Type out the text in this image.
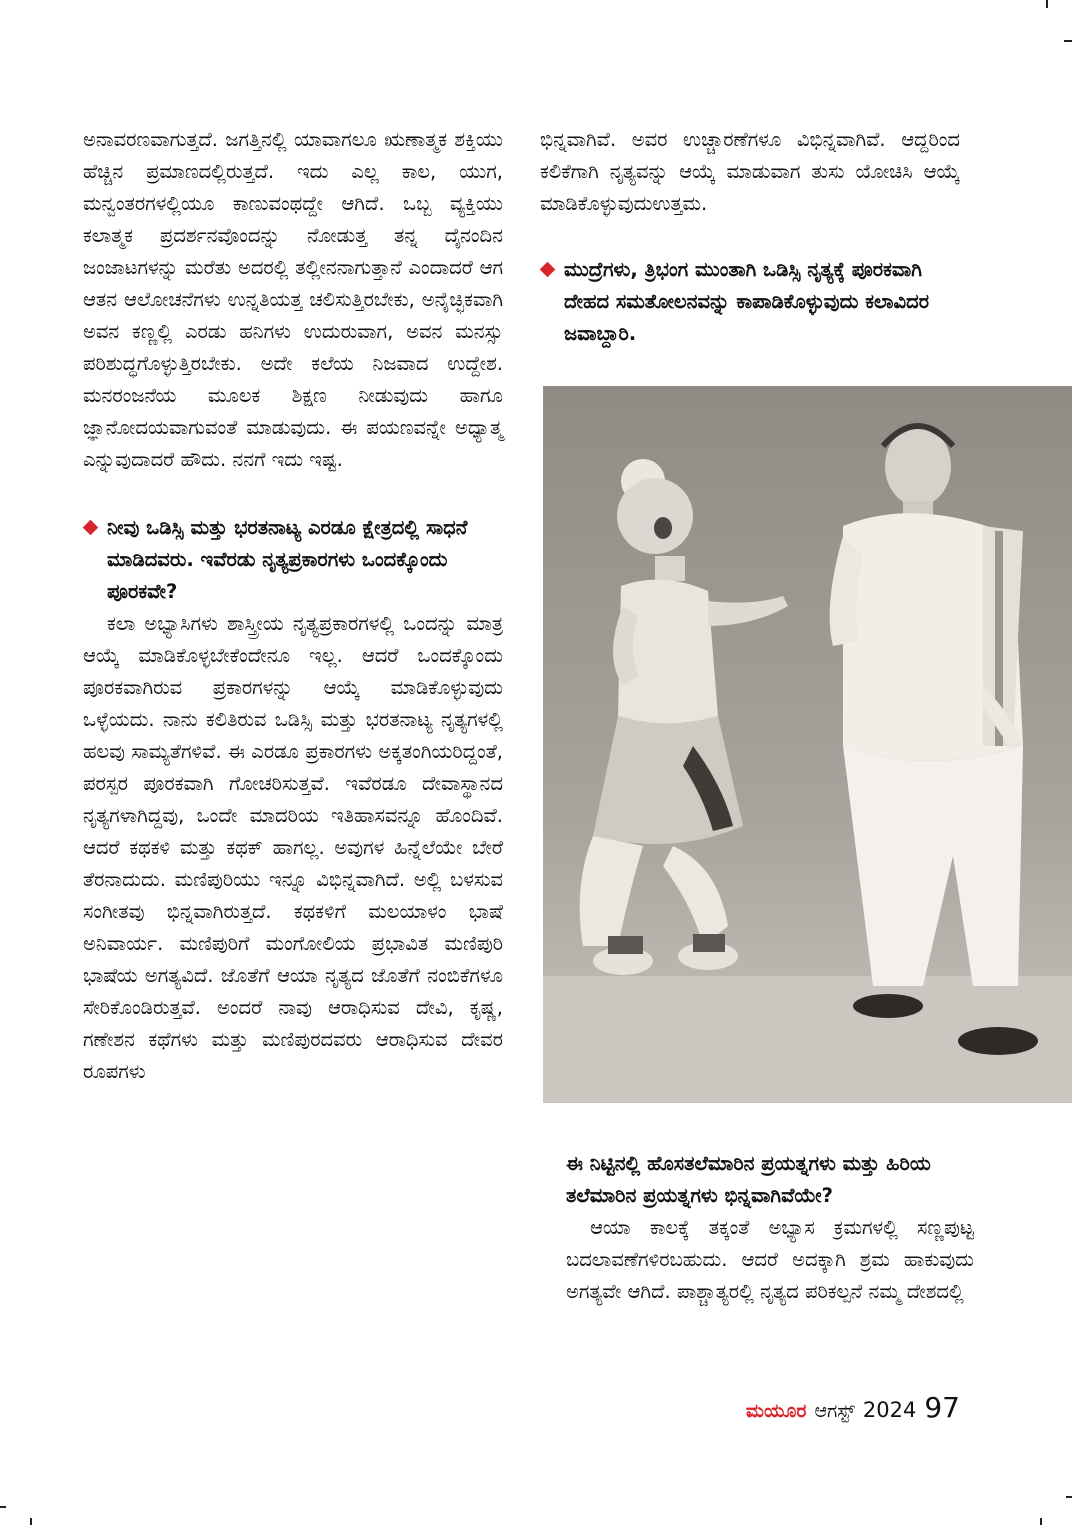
ಅನಾವರಣವಾಗುತ್ತದೆ. ಜಗತ್ತಿನಲ್ಲಿ ಯಾವಾಗಲೂ ಋಣಾತ್ಮಕ ಶಕ್ತಿಯು ಹೆಚ್ಚಿನ ಪ್ರಮಾಣದಲ್ಲಿರುತ್ತದೆ. ಇದು ಎಲ್ಲ ಕಾಲ, ಯುಗ, ಮನ್ವಂತರಗಳಲ್ಲಿಯೂ ಕಾಣುವಂಥದ್ದೇ ಆಗಿದೆ. ಒಬ್ಬ ವ್ಯಕ್ತಿಯು ಕಲಾತ್ಮಕ ಪ್ರದರ್ಶನವೊಂದನ್ನು ನೋಡುತ್ತ ತನ್ನ ದೈನಂದಿನ ಜಂಜಾಟಗಳನ್ನು ಮರೆತು ಅದರಲ್ಲಿ ತಲ್ಲೀನನಾಗುತ್ತಾನೆ ಎಂದಾದರೆ ಆಗ ಆತನ ಆಲೋಚನೆಗಳು ಉನ್ನತಿಯತ್ತ ಚಲಿಸುತ್ತಿರಬೇಕು, ಅನೈಚ್ಛಿಕವಾಗಿ ಅವನ ಕಣ್ಣಲ್ಲಿ ಎರಡು ಹನಿಗಳು ಉದುರುವಾಗ, ಅವನ ಮನಸ್ಸು ಪರಿಶುದ್ಧಗೊಳ್ಳುತ್ತಿರಬೇಕು. ಅದೇ ಕಲೆಯ ನಿಜವಾದ ಉದ್ದೇಶ. ಮನರಂಜನೆಯ ಮೂಲಕ ಶಿಕ್ಷಣ ನೀಡುವುದು ಹಾಗೂ ಜ್ಞಾನೋದಯವಾಗುವಂತೆ ಮಾಡುವುದು. ಈ ಪಯಣವನ್ನೇ ಅಧ್ಯಾತ್ಮ ಎನ್ನುವುದಾದರೆ ಹೌದು. ನನಗೆ ಇದು ಇಷ್ಟ.

ನೀವು ಒಡಿಸ್ಸಿ ಮತ್ತು ಭರತನಾಟ್ಯ ಎರಡೂ ಕ್ಷೇತ್ರದಲ್ಲಿ ಸಾಧನೆ ಮಾಡಿದವರು. ಇವೆರಡು ನೃತ್ಯಪ್ರಕಾರಗಳು ಒಂದಕ್ಕೊಂದು ಪೂರಕವೇ?

ಕಲಾ ಅಭ್ಯಾಸಿಗಳು ಶಾಸ್ತ್ರೀಯ ನೃತ್ಯಪ್ರಕಾರಗಳಲ್ಲಿ ಒಂದನ್ನು ಮಾತ್ರ ಆಯ್ಕೆ ಮಾಡಿಕೊಳ್ಳಬೇಕೆಂದೇನೂ ಇಲ್ಲ. ಆದರೆ ಒಂದಕ್ಕೊಂದು ಪೂರಕವಾಗಿರುವ ಪ್ರಕಾರಗಳನ್ನು ಆಯ್ಕೆ ಮಾಡಿಕೊಳ್ಳುವುದು ಒಳ್ಳೆಯದು. ನಾನು ಕಲಿತಿರುವ ಒಡಿಸ್ಸಿ ಮತ್ತು ಭರತನಾಟ್ಯ ನೃತ್ಯಗಳಲ್ಲಿ ಹಲವು ಸಾಮ್ಯತೆಗಳಿವೆ. ಈ ಎರಡೂ ಪ್ರಕಾರಗಳು ಅಕ್ಕತಂಗಿಯರಿದ್ದಂತೆ, ಪರಸ್ಪರ ಪೂರಕವಾಗಿ ಗೋಚರಿಸುತ್ತವೆ. ಇವೆರಡೂ ದೇವಾಸ್ಥಾನದ ನೃತ್ಯಗಳಾಗಿದ್ದವು, ಒಂದೇ ಮಾದರಿಯ ಇತಿಹಾಸವನ್ನೂ ಹೊಂದಿವೆ. ಆದರೆ ಕಥಕಳಿ ಮತ್ತು ಕಥಕ್ ಹಾಗಲ್ಲ. ಅವುಗಳ ಹಿನ್ನೆಲೆಯೇ ಬೇರೆ ತೆರನಾದುದು. ಮಣಿಪುರಿಯು ಇನ್ನೂ ವಿಭಿನ್ನವಾಗಿದೆ. ಅಲ್ಲಿ ಬಳಸುವ ಸಂಗೀತವು ಭಿನ್ನವಾಗಿರುತ್ತದೆ. ಕಥಕಳಿಗೆ ಮಲಯಾಳಂ ಭಾಷೆ ಅನಿವಾರ್ಯ. ಮಣಿಪುರಿಗೆ ಮಂಗೋಲಿಯ ಪ್ರಭಾವಿತ ಮಣಿಪುರಿ ಭಾಷೆಯ ಅಗತ್ಯವಿದೆ. ಜೊತೆಗೆ ಆಯಾ ನೃತ್ಯದ ಜೊತೆಗೆ ನಂಬಿಕೆಗಳೂ ಸೇರಿಕೊಂಡಿರುತ್ತವೆ. ಅಂದರೆ ನಾವು ಆರಾಧಿಸುವ ದೇವಿ, ಕೃಷ್ಣ, ಗಣೇಶನ ಕಥೆಗಳು ಮತ್ತು ಮಣಿಪುರದವರು ಆರಾಧಿಸುವ ದೇವರ ರೂಪಗಳು

ಭಿನ್ನವಾಗಿವೆ. ಅವರ ಉಚ್ಚಾರಣೆಗಳೂ ವಿಭಿನ್ನವಾಗಿವೆ. ಆದ್ದರಿಂದ ಕಲಿಕೆಗಾಗಿ ನೃತ್ಯವನ್ನು ಆಯ್ಕೆ ಮಾಡುವಾಗ ತುಸು ಯೋಚಿಸಿ ಆಯ್ಕೆ ಮಾಡಿಕೊಳ್ಳುವುದುಉತ್ತಮ.

ಮುದ್ರೆಗಳು, ತ್ರಿಭಂಗ ಮುಂತಾಗಿ ಒಡಿಸ್ಸಿ ನೃತ್ಯಕ್ಕೆ ಪೂರಕವಾಗಿ ದೇಹದ ಸಮತೋಲನವನ್ನು ಕಾಪಾಡಿಕೊಳ್ಳುವುದು ಕಲಾವಿದರ ಜವಾಬ್ದಾರಿ.

ಈ ನಿಟ್ಟಿನಲ್ಲಿ ಹೊಸತಲೆಮಾರಿನ ಪ್ರಯತ್ನಗಳು ಮತ್ತು ಹಿರಿಯ ತಲೆಮಾರಿನ ಪ್ರಯತ್ನಗಳು ಭಿನ್ನವಾಗಿವೆಯೇ?

ಆಯಾ ಕಾಲಕ್ಕೆ ತಕ್ಕಂತೆ ಅಭ್ಯಾಸ ಕ್ರಮಗಳಲ್ಲಿ ಸಣ್ಣಪುಟ್ಟ ಬದಲಾವಣೆಗಳಿರಬಹುದು. ಆದರೆ ಅದಕ್ಕಾಗಿ ಶ್ರಮ ಹಾಕುವುದು ಅಗತ್ಯವೇ ಆಗಿದೆ. ಪಾಶ್ಚಾತ್ಯರಲ್ಲಿ ನೃತ್ಯದ ಪರಿಕಲ್ಪನೆ ನಮ್ಮ ದೇಶದಲ್ಲಿ

ಮಯೂರ ಆಗಸ್ಟ್ 2024 97
